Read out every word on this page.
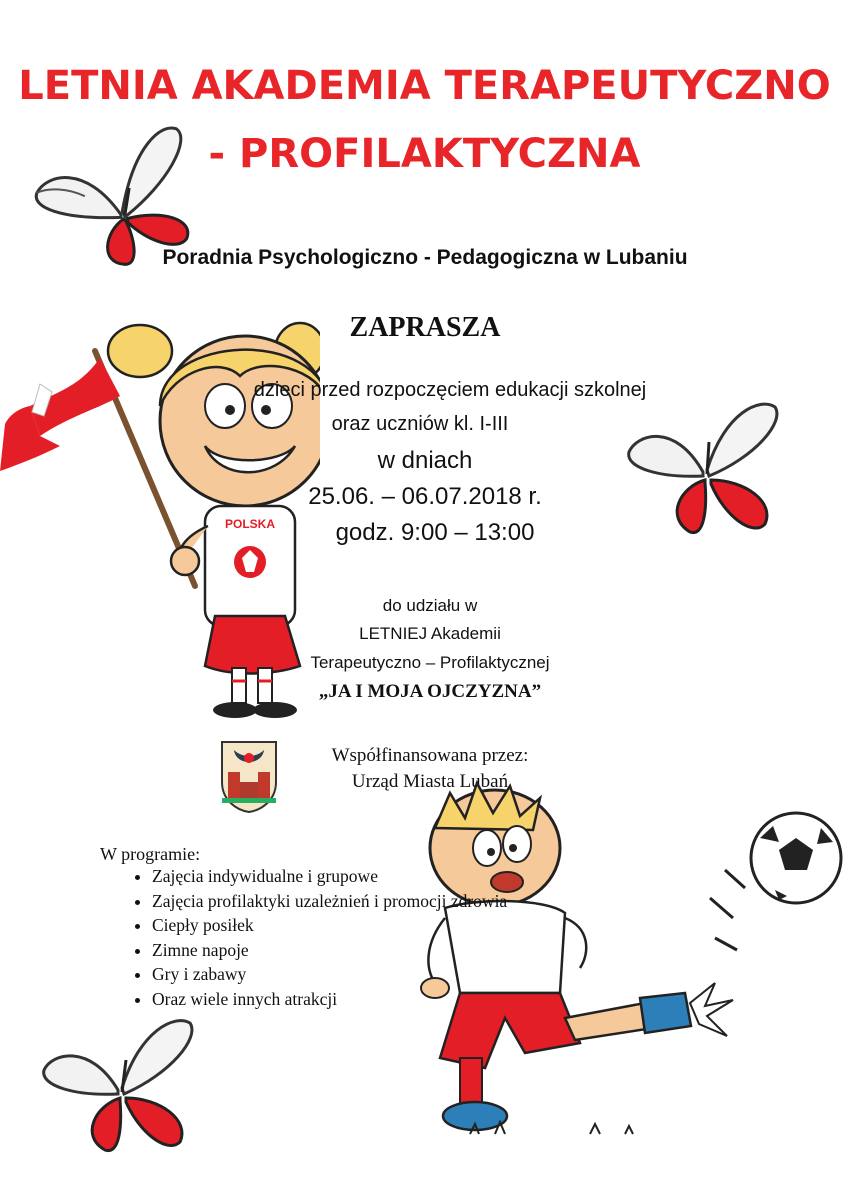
LETNIA AKADEMIA TERAPEUTYCZNO
- PROFILAKTYCZNA
Poradnia Psychologiczno - Pedagogiczna w Lubaniu
POLSKA
ZAPRASZA
dzieci przed rozpoczęciem edukacji szkolnej
oraz uczniów kl. I-III
w dniach
25.06. – 06.07.2018 r.
godz. 9:00 – 13:00
do udziału w
LETNIEJ Akademii
Terapeutyczno – Profilaktycznej
„JA I MOJA OJCZYZNA”
Współfinansowana przez:
Urząd Miasta Lubań
W programie:
• Zajęcia indywidualne i grupowe
• Zajęcia profilaktyki uzależnień i promocji zdrowia
• Ciepły posiłek
• Zimne napoje
• Gry i zabawy
• Oraz wiele innych atrakcji
